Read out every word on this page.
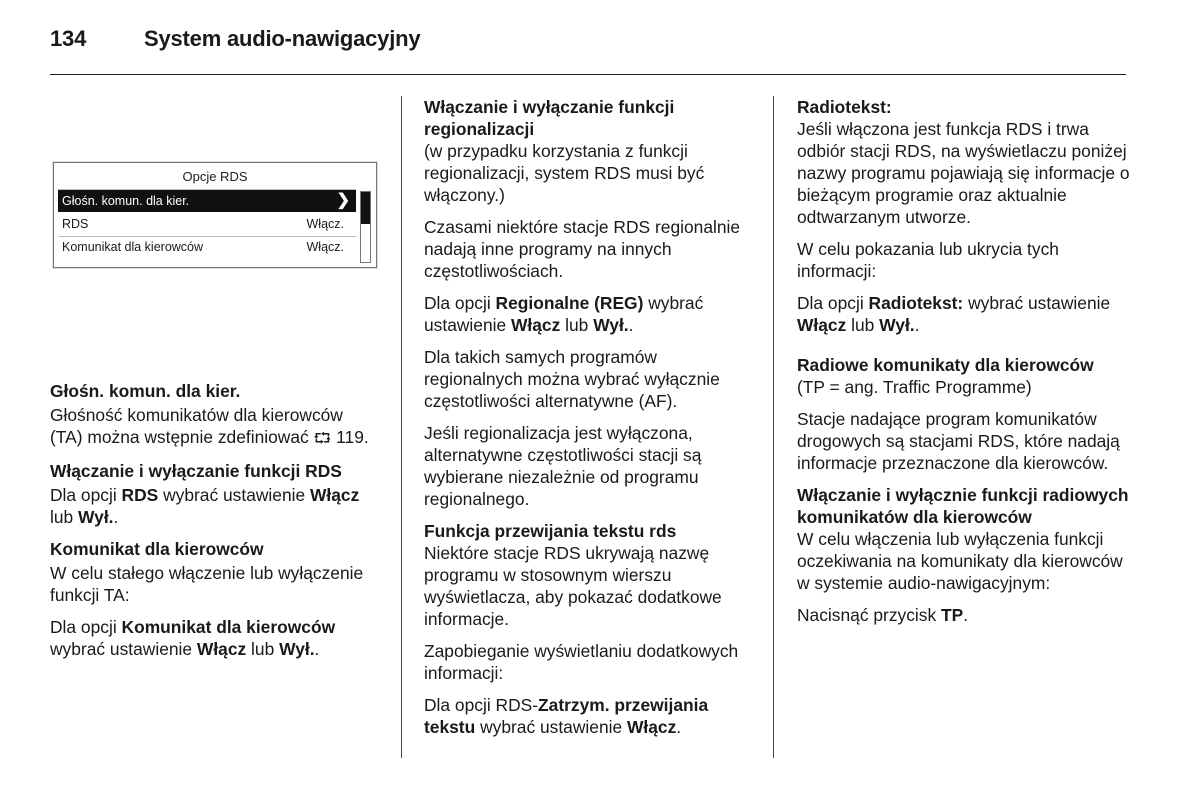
134	System audio-nawigacyjny
Opcje RDS
Głośn. komun. dla kier.	❯
RDS	Włącz.
Komunikat dla kierowców	Włącz.

Głośn. komun. dla kier.

Głośność komunikatów dla kierowców (TA) można wstępnie zdefiniować ⮔ 119.

Włączanie i wyłączanie funkcji RDS

Dla opcji RDS wybrać ustawienie Włącz lub Wył..

Komunikat dla kierowców

W celu stałego włączenie lub wyłączenie funkcji TA:

Dla opcji Komunikat dla kierowców wybrać ustawienie Włącz lub Wył..

Włączanie i wyłączanie funkcji regionalizacji

(w przypadku korzystania z funkcji regionalizacji, system RDS musi być włączony.)

Czasami niektóre stacje RDS regionalnie nadają inne programy na innych częstotliwościach.

Dla opcji Regionalne (REG) wybrać ustawienie Włącz lub Wył..

Dla takich samych programów regionalnych można wybrać wyłącznie częstotliwości alternatywne (AF).

Jeśli regionalizacja jest wyłączona, alternatywne częstotliwości stacji są wybierane niezależnie od programu regionalnego.

Funkcja przewijania tekstu rds

Niektóre stacje RDS ukrywają nazwę programu w stosownym wierszu wyświetlacza, aby pokazać dodatkowe informacje.

Zapobieganie wyświetlaniu dodatkowych informacji:

Dla opcji RDS-Zatrzym. przewijania tekstu wybrać ustawienie Włącz.

Radiotekst:

Jeśli włączona jest funkcja RDS i trwa odbiór stacji RDS, na wyświetlaczu poniżej nazwy programu pojawiają się informacje o bieżącym programie oraz aktualnie odtwarzanym utworze.

W celu pokazania lub ukrycia tych informacji:

Dla opcji Radiotekst: wybrać ustawienie Włącz lub Wył..

Radiowe komunikaty dla kierowców

(TP = ang. Traffic Programme)

Stacje nadające program komunikatów drogowych są stacjami RDS, które nadają informacje przeznaczone dla kierowców.

Włączanie i wyłącznie funkcji radiowych komunikatów dla kierowców

W celu włączenia lub wyłączenia funkcji oczekiwania na komunikaty dla kierowców w systemie audio-nawigacyjnym:

Nacisnąć przycisk TP.
